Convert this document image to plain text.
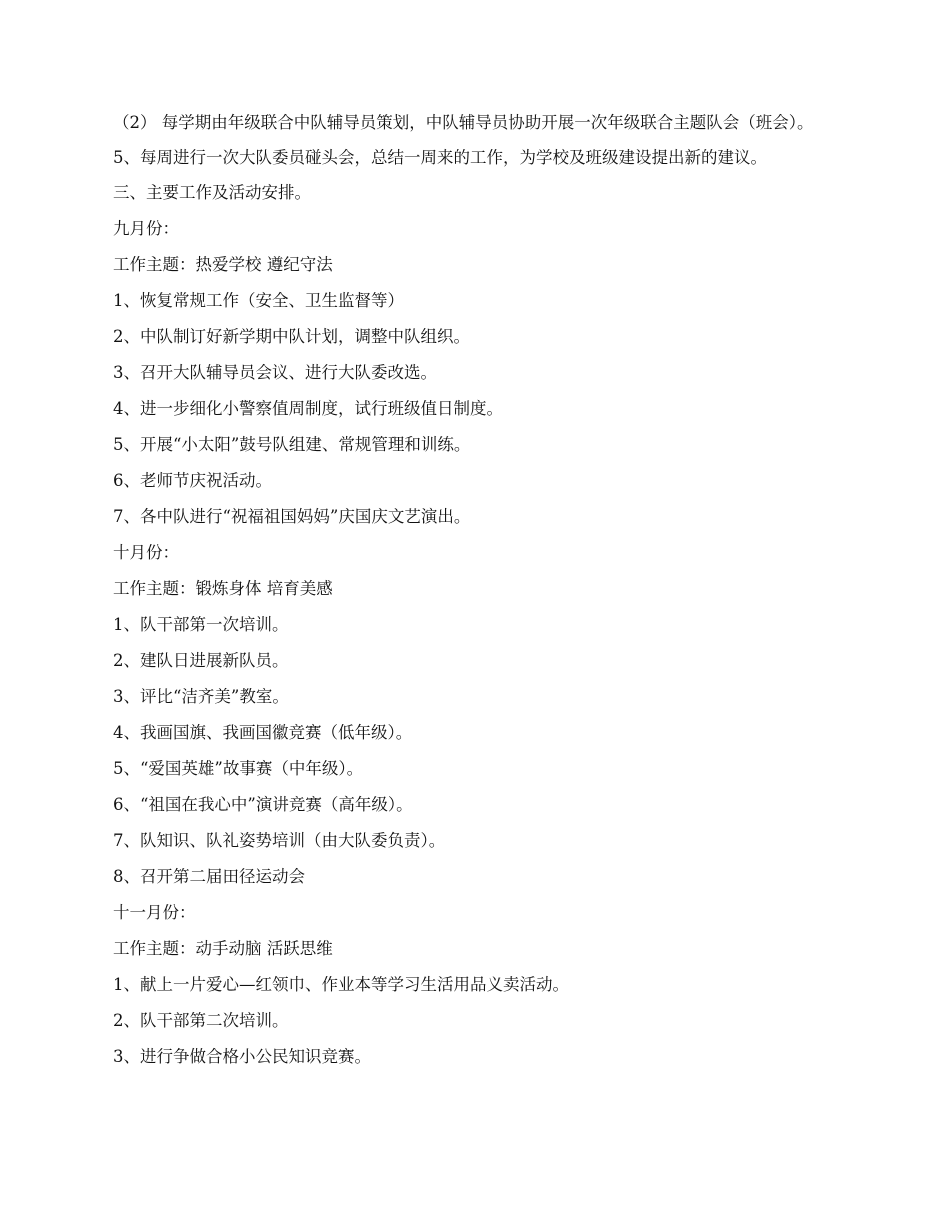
（2） 每学期由年级联合中队辅导员策划，中队辅导员协助开展一次年级联合主题队会（班会）。

5、每周进行一次大队委员碰头会，总结一周来的工作，为学校及班级建设提出新的建议。

三、主要工作及活动安排。

九月份：

工作主题：热爱学校 遵纪守法

1、恢复常规工作（安全、卫生监督等）

2、中队制订好新学期中队计划，调整中队组织。

3、召开大队辅导员会议、进行大队委改选。

4、进一步细化小警察值周制度，试行班级值日制度。

5、开展“小太阳”鼓号队组建、常规管理和训练。

6、老师节庆祝活动。

7、各中队进行“祝福祖国妈妈”庆国庆文艺演出。

十月份：

工作主题：锻炼身体 培育美感

1、队干部第一次培训。

2、建队日进展新队员。

3、评比“洁齐美”教室。

4、我画国旗、我画国徽竞赛（低年级）。

5、“爱国英雄”故事赛（中年级）。

6、“祖国在我心中”演讲竞赛（高年级）。

7、队知识、队礼姿势培训（由大队委负责）。

8、召开第二届田径运动会

十一月份：

工作主题：动手动脑 活跃思维

1、献上一片爱心—红领巾、作业本等学习生活用品义卖活动。

2、队干部第二次培训。

3、进行争做合格小公民知识竞赛。
